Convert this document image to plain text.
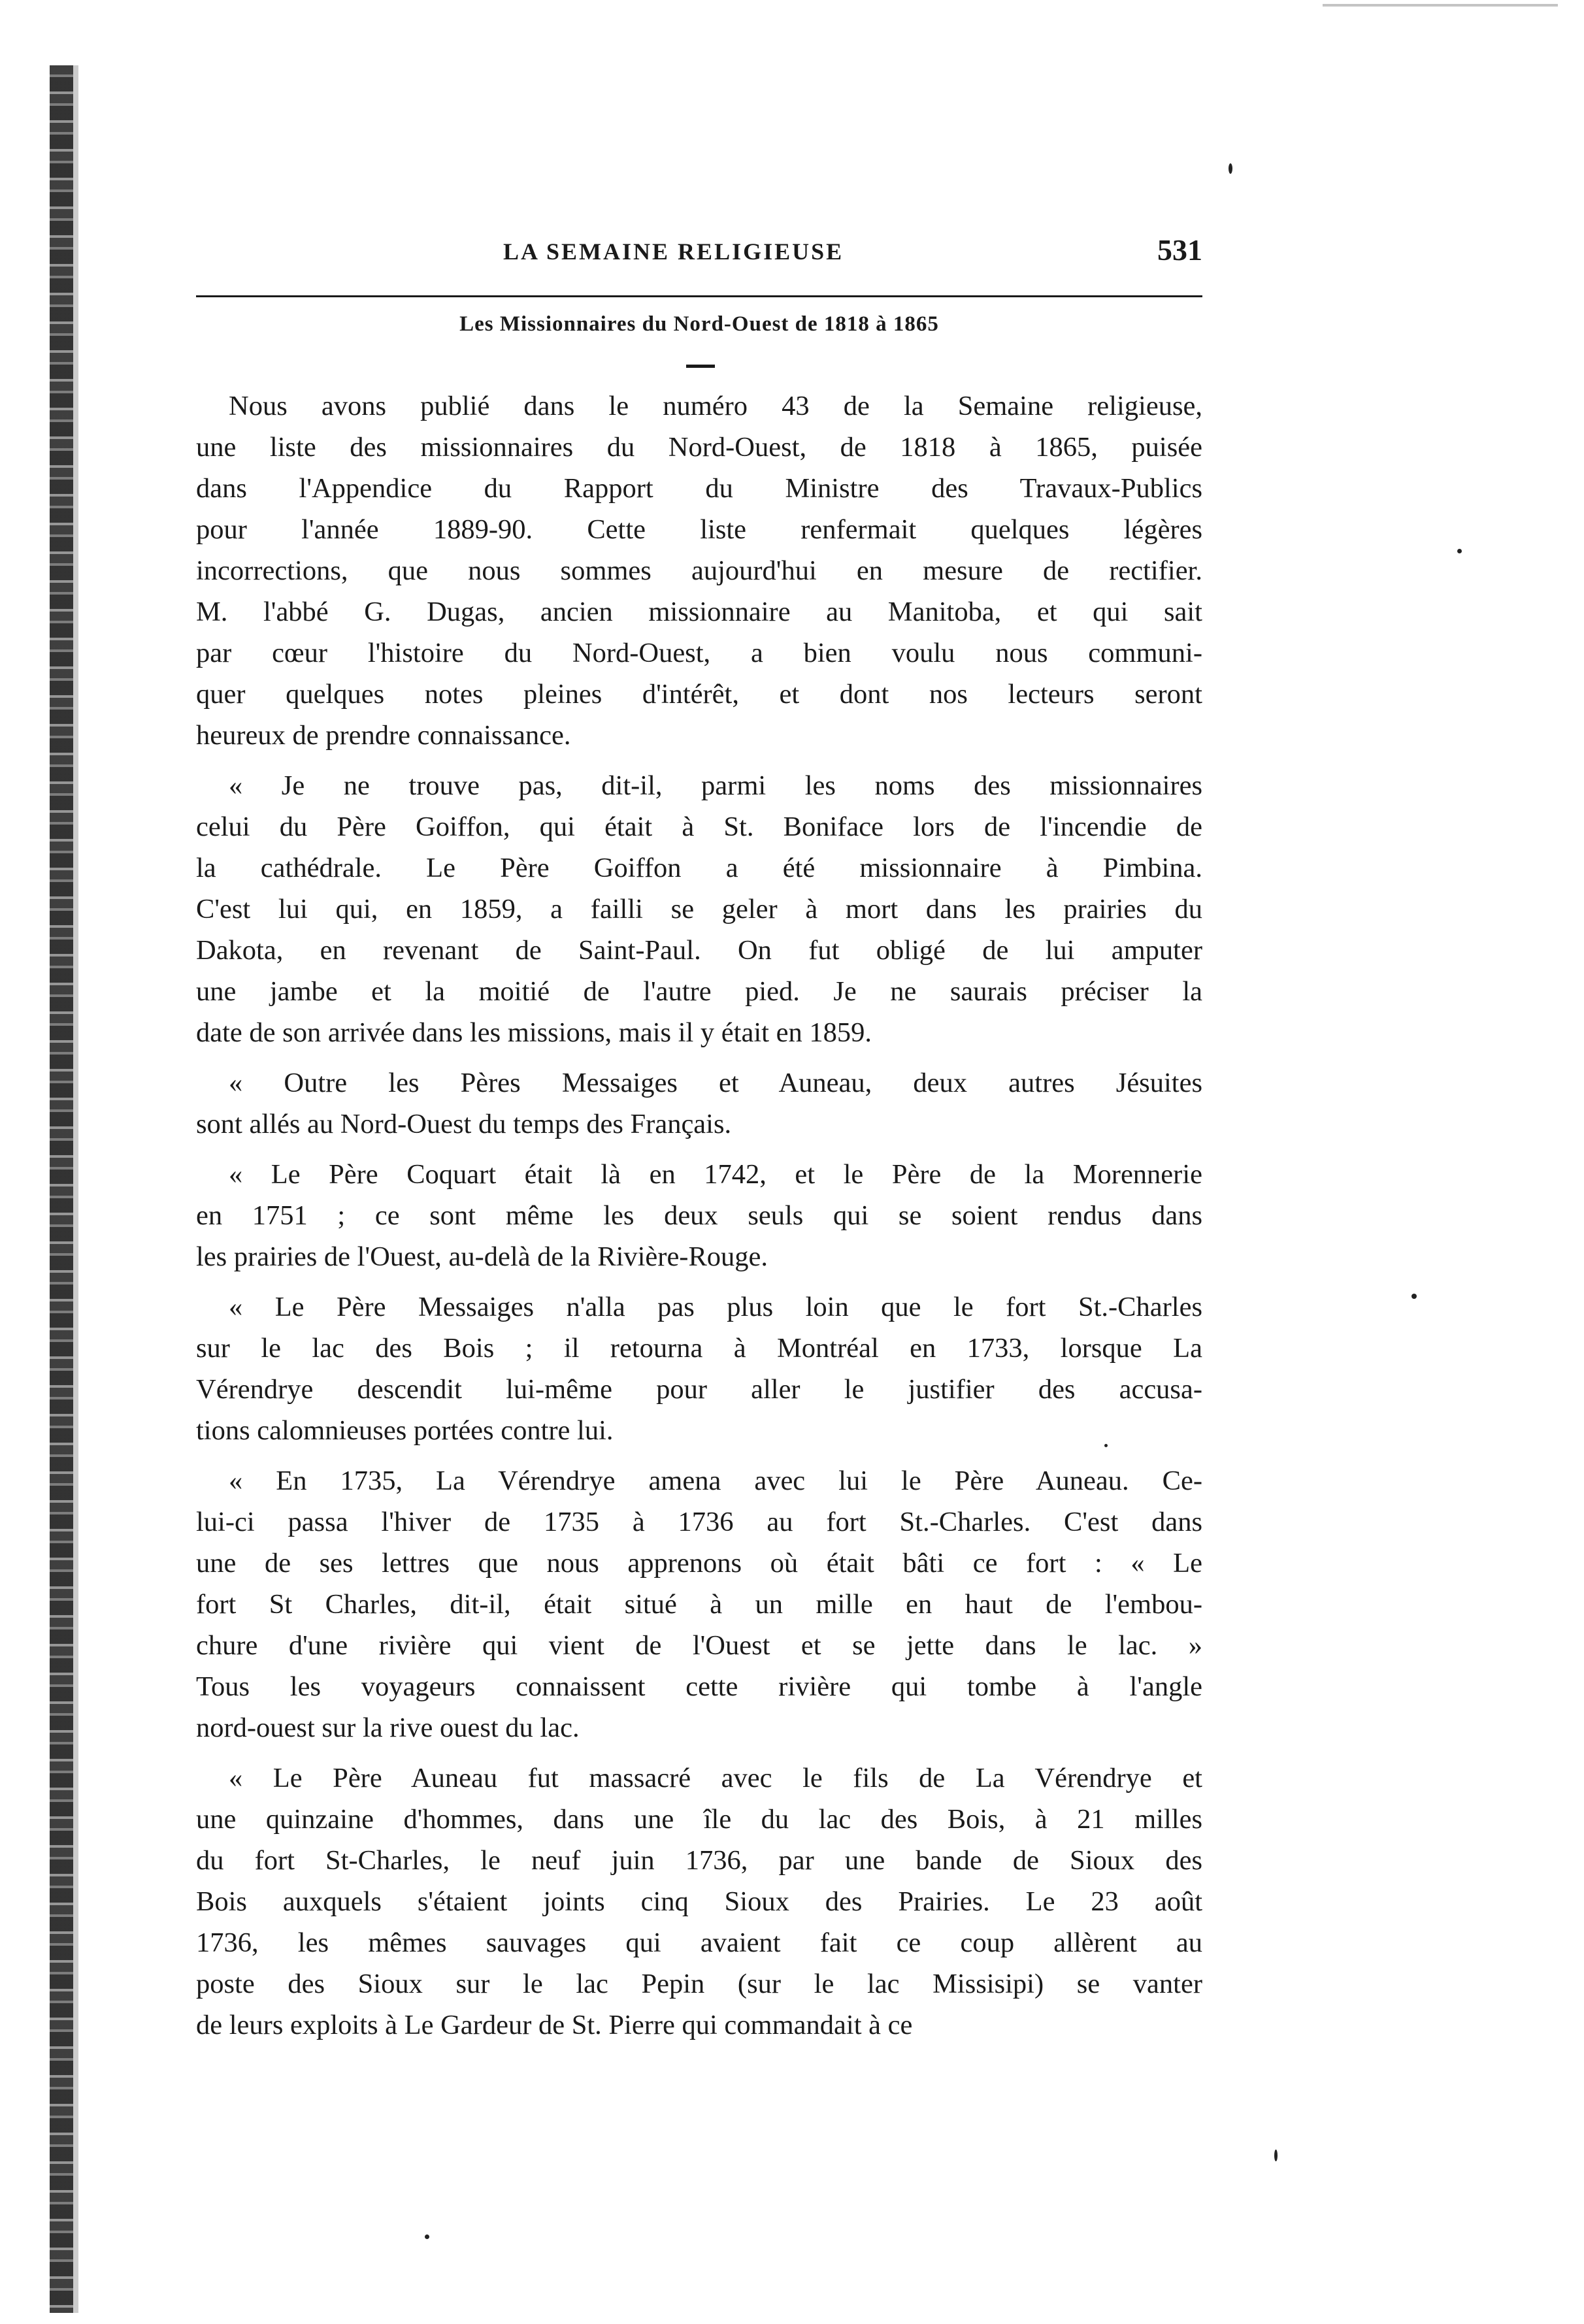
LA SEMAINE RELIGIEUSE	531
Les Missionnaires du Nord-Ouest de 1818 à 1865
Nous avons publié dans le numéro 43 de la Semaine religieuse,
une liste des missionnaires du Nord-Ouest, de 1818 à 1865, puisée
dans l'Appendice du Rapport du Ministre des Travaux-Publics
pour l'année 1889-90. Cette liste renfermait quelques légères
incorrections, que nous sommes aujourd'hui en mesure de rectifier.
M. l'abbé G. Dugas, ancien missionnaire au Manitoba, et qui sait
par cœur l'histoire du Nord-Ouest, a bien voulu nous communi-
quer quelques notes pleines d'intérêt, et dont nos lecteurs seront
heureux de prendre connaissance.
« Je ne trouve pas, dit-il, parmi les noms des missionnaires
celui du Père Goiffon, qui était à St. Boniface lors de l'incendie de
la cathédrale. Le Père Goiffon a été missionnaire à Pimbina.
C'est lui qui, en 1859, a failli se geler à mort dans les prairies du
Dakota, en revenant de Saint-Paul. On fut obligé de lui amputer
une jambe et la moitié de l'autre pied. Je ne saurais préciser la
date de son arrivée dans les missions, mais il y était en 1859.
« Outre les Pères Messaiges et Auneau, deux autres Jésuites
sont allés au Nord-Ouest du temps des Français.
« Le Père Coquart était là en 1742, et le Père de la Morennerie
en 1751 ; ce sont même les deux seuls qui se soient rendus dans
les prairies de l'Ouest, au-delà de la Rivière-Rouge.
« Le Père Messaiges n'alla pas plus loin que le fort St.-Charles
sur le lac des Bois ; il retourna à Montréal en 1733, lorsque La
Vérendrye descendit lui-même pour aller le justifier des accusa-
tions calomnieuses portées contre lui.
« En 1735, La Vérendrye amena avec lui le Père Auneau. Ce-
lui-ci passa l'hiver de 1735 à 1736 au fort St.-Charles. C'est dans
une de ses lettres que nous apprenons où était bâti ce fort : « Le
fort St Charles, dit-il, était situé à un mille en haut de l'embou-
chure d'une rivière qui vient de l'Ouest et se jette dans le lac. »
Tous les voyageurs connaissent cette rivière qui tombe à l'angle
nord-ouest sur la rive ouest du lac.
« Le Père Auneau fut massacré avec le fils de La Vérendrye et
une quinzaine d'hommes, dans une île du lac des Bois, à 21 milles
du fort St-Charles, le neuf juin 1736, par une bande de Sioux des
Bois auxquels s'étaient joints cinq Sioux des Prairies. Le 23 août
1736, les mêmes sauvages qui avaient fait ce coup allèrent au
poste des Sioux sur le lac Pepin (sur le lac Missisipi) se vanter
de leurs exploits à Le Gardeur de St. Pierre qui commandait à ce
